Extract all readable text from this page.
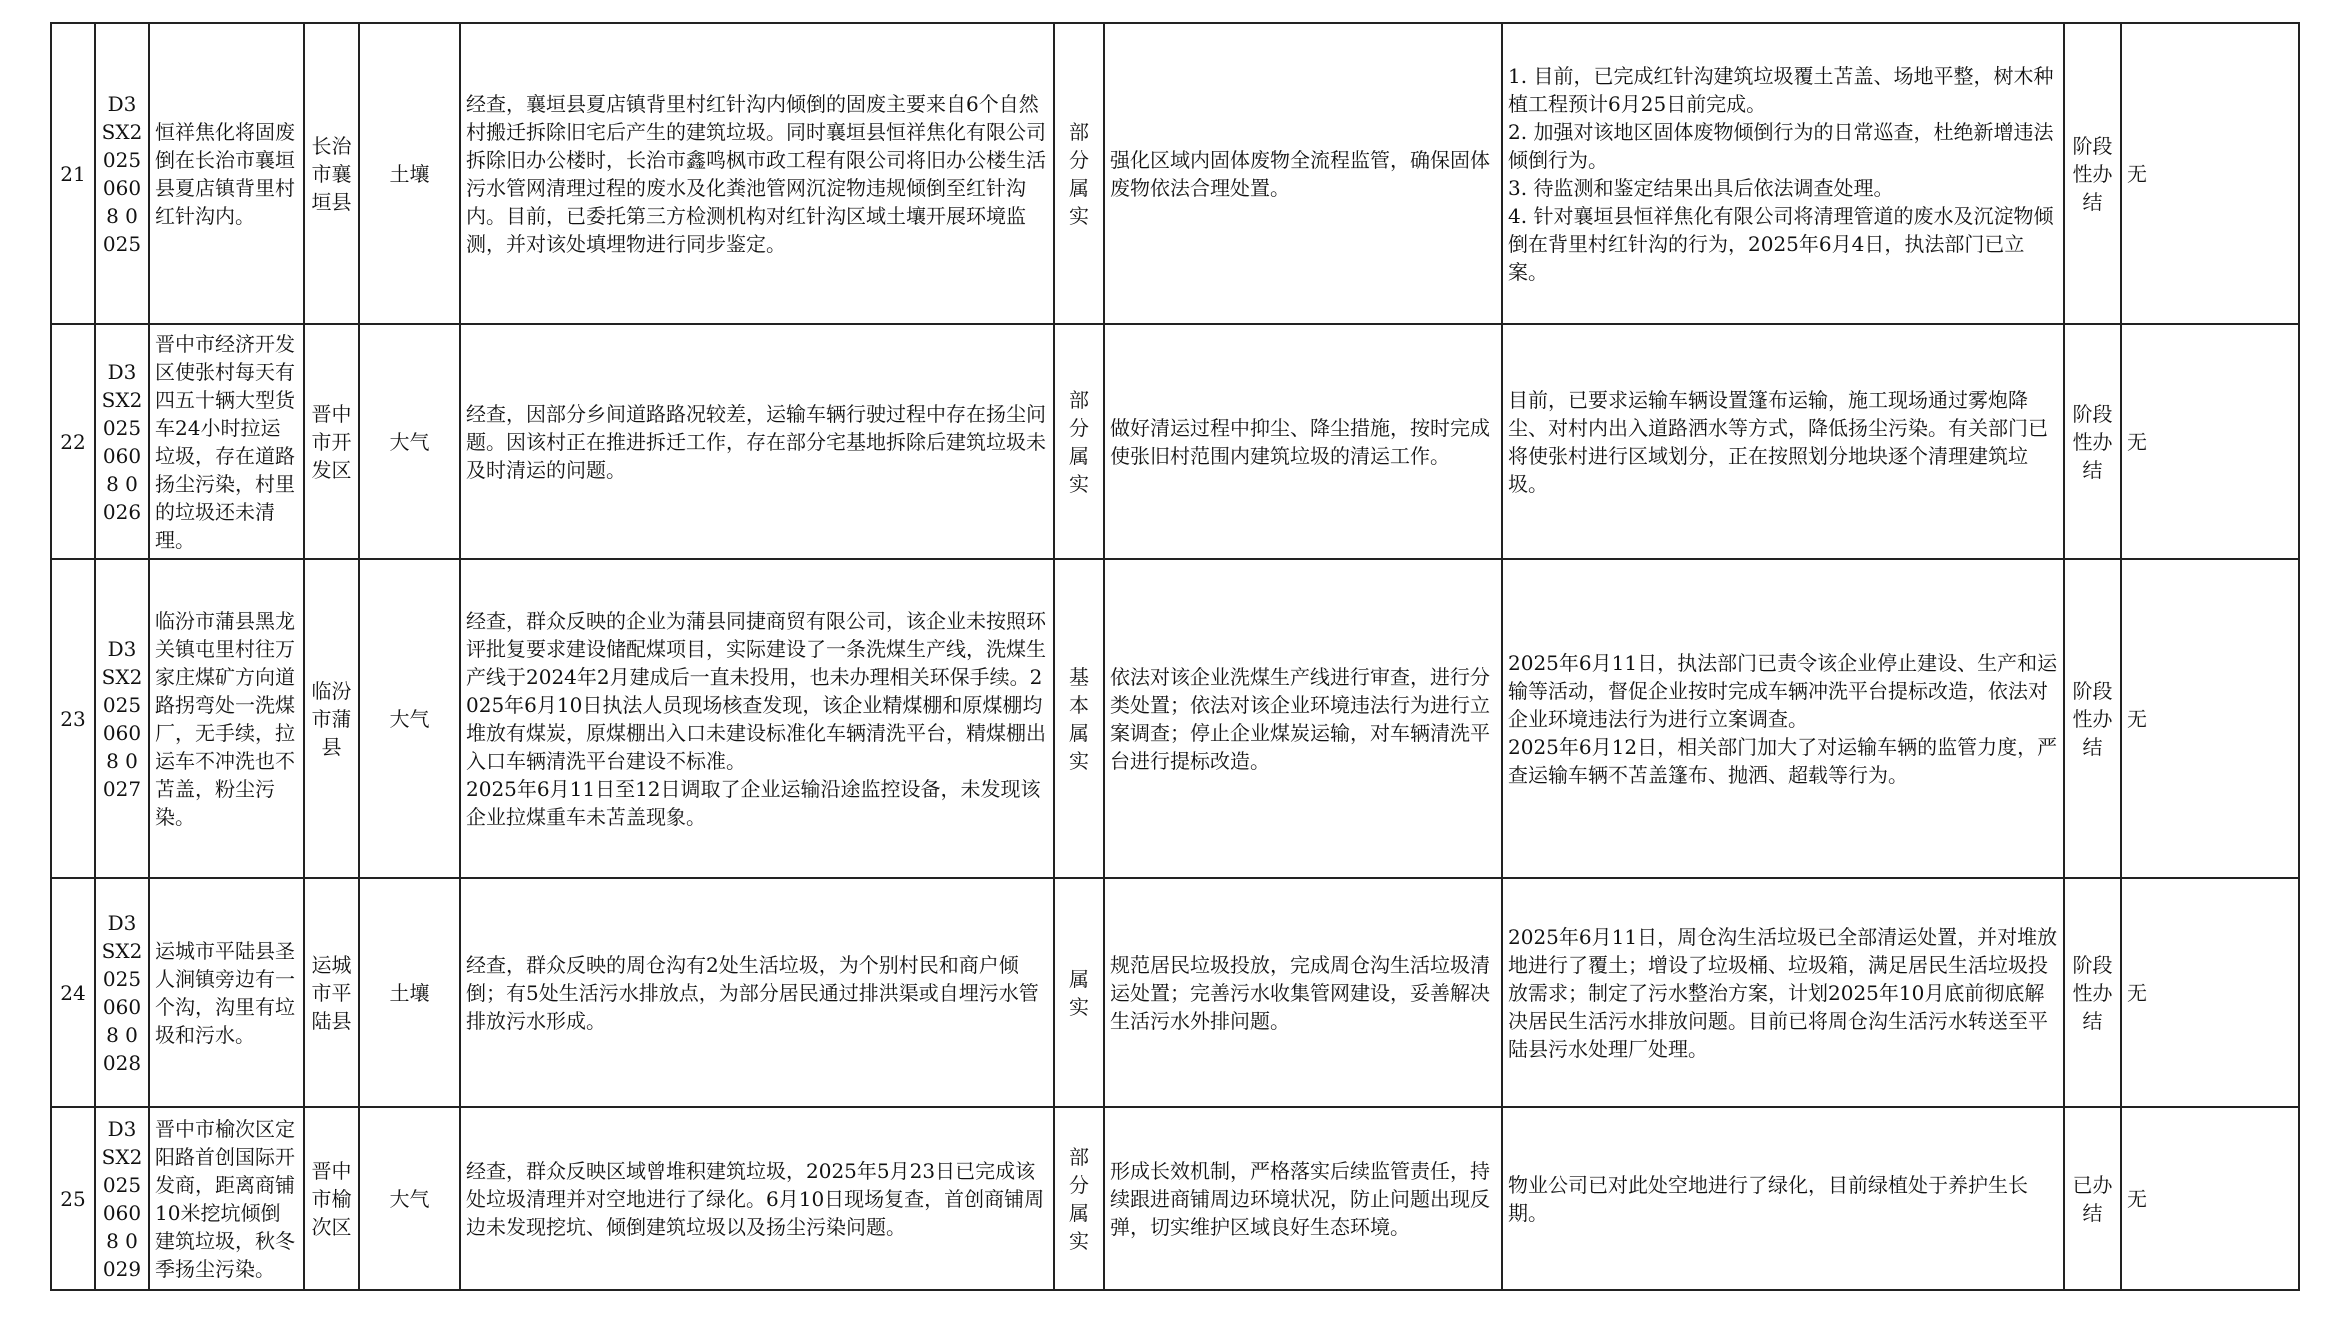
21	D3SX20250608 0025	恒祥焦化将固废倒在长治市襄垣县夏店镇背里村红针沟内。	长治市襄垣县	土壤	经查，襄垣县夏店镇背里村红针沟内倾倒的固废主要来自6个自然村搬迁拆除旧宅后产生的建筑垃圾。同时襄垣县恒祥焦化有限公司拆除旧办公楼时，长治市鑫鸣枫市政工程有限公司将旧办公楼生活污水管网清理过程的废水及化粪池管网沉淀物违规倾倒至红针沟内。目前，已委托第三方检测机构对红针沟区域土壤开展环境监测，并对该处填埋物进行同步鉴定。	部分属实	强化区域内固体废物全流程监管，确保固体废物依法合理处置。	1. 目前，已完成红针沟建筑垃圾覆土苫盖、场地平整，树木种植工程预计6月25日前完成。
2. 加强对该地区固体废物倾倒行为的日常巡查，杜绝新增违法倾倒行为。
3. 待监测和鉴定结果出具后依法调查处理。
4. 针对襄垣县恒祥焦化有限公司将清理管道的废水及沉淀物倾倒在背里村红针沟的行为，2025年6月4日，执法部门已立案。	阶段性办结	无
22	D3SX20250608 0026	晋中市经济开发区使张村每天有四五十辆大型货车24小时拉运垃圾，存在道路扬尘污染，村里的垃圾还未清理。	晋中市开发区	大气	经查，因部分乡间道路路况较差，运输车辆行驶过程中存在扬尘问题。因该村正在推进拆迁工作，存在部分宅基地拆除后建筑垃圾未及时清运的问题。	部分属实	做好清运过程中抑尘、降尘措施，按时完成使张旧村范围内建筑垃圾的清运工作。	目前，已要求运输车辆设置篷布运输，施工现场通过雾炮降尘、对村内出入道路洒水等方式，降低扬尘污染。有关部门已将使张村进行区域划分，正在按照划分地块逐个清理建筑垃圾。	阶段性办结	无
23	D3SX20250608 0027	临汾市蒲县黑龙关镇屯里村往万家庄煤矿方向道路拐弯处一洗煤厂，无手续，拉运车不冲洗也不苫盖，粉尘污染。	临汾市蒲县	大气	经查，群众反映的企业为蒲县同捷商贸有限公司，该企业未按照环评批复要求建设储配煤项目，实际建设了一条洗煤生产线，洗煤生产线于2024年2月建成后一直未投用，也未办理相关环保手续。2025年6月10日执法人员现场核查发现，该企业精煤棚和原煤棚均堆放有煤炭，原煤棚出入口未建设标准化车辆清洗平台，精煤棚出入口车辆清洗平台建设不标准。
2025年6月11日至12日调取了企业运输沿途监控设备，未发现该企业拉煤重车未苫盖现象。	基本属实	依法对该企业洗煤生产线进行审查，进行分类处置；依法对该企业环境违法行为进行立案调查；停止企业煤炭运输，对车辆清洗平台进行提标改造。	2025年6月11日，执法部门已责令该企业停止建设、生产和运输等活动，督促企业按时完成车辆冲洗平台提标改造，依法对企业环境违法行为进行立案调查。
2025年6月12日，相关部门加大了对运输车辆的监管力度，严查运输车辆不苫盖篷布、抛洒、超载等行为。	阶段性办结	无
24	D3SX20250608 0028	运城市平陆县圣人涧镇旁边有一个沟，沟里有垃圾和污水。	运城市平陆县	土壤	经查，群众反映的周仓沟有2处生活垃圾，为个别村民和商户倾倒；有5处生活污水排放点，为部分居民通过排洪渠或自埋污水管排放污水形成。	属实	规范居民垃圾投放，完成周仓沟生活垃圾清运处置；完善污水收集管网建设，妥善解决生活污水外排问题。	2025年6月11日，周仓沟生活垃圾已全部清运处置，并对堆放地进行了覆土；增设了垃圾桶、垃圾箱，满足居民生活垃圾投放需求；制定了污水整治方案，计划2025年10月底前彻底解决居民生活污水排放问题。目前已将周仓沟生活污水转送至平陆县污水处理厂处理。	阶段性办结	无
25	D3SX20250608 0029	晋中市榆次区定阳路首创国际开发商，距离商铺10米挖坑倾倒建筑垃圾，秋冬季扬尘污染。	晋中市榆次区	大气	经查，群众反映区域曾堆积建筑垃圾，2025年5月23日已完成该处垃圾清理并对空地进行了绿化。6月10日现场复查，首创商铺周边未发现挖坑、倾倒建筑垃圾以及扬尘污染问题。	部分属实	形成长效机制，严格落实后续监管责任，持续跟进商铺周边环境状况，防止问题出现反弹，切实维护区域良好生态环境。	物业公司已对此处空地进行了绿化，目前绿植处于养护生长期。	已办结	无
